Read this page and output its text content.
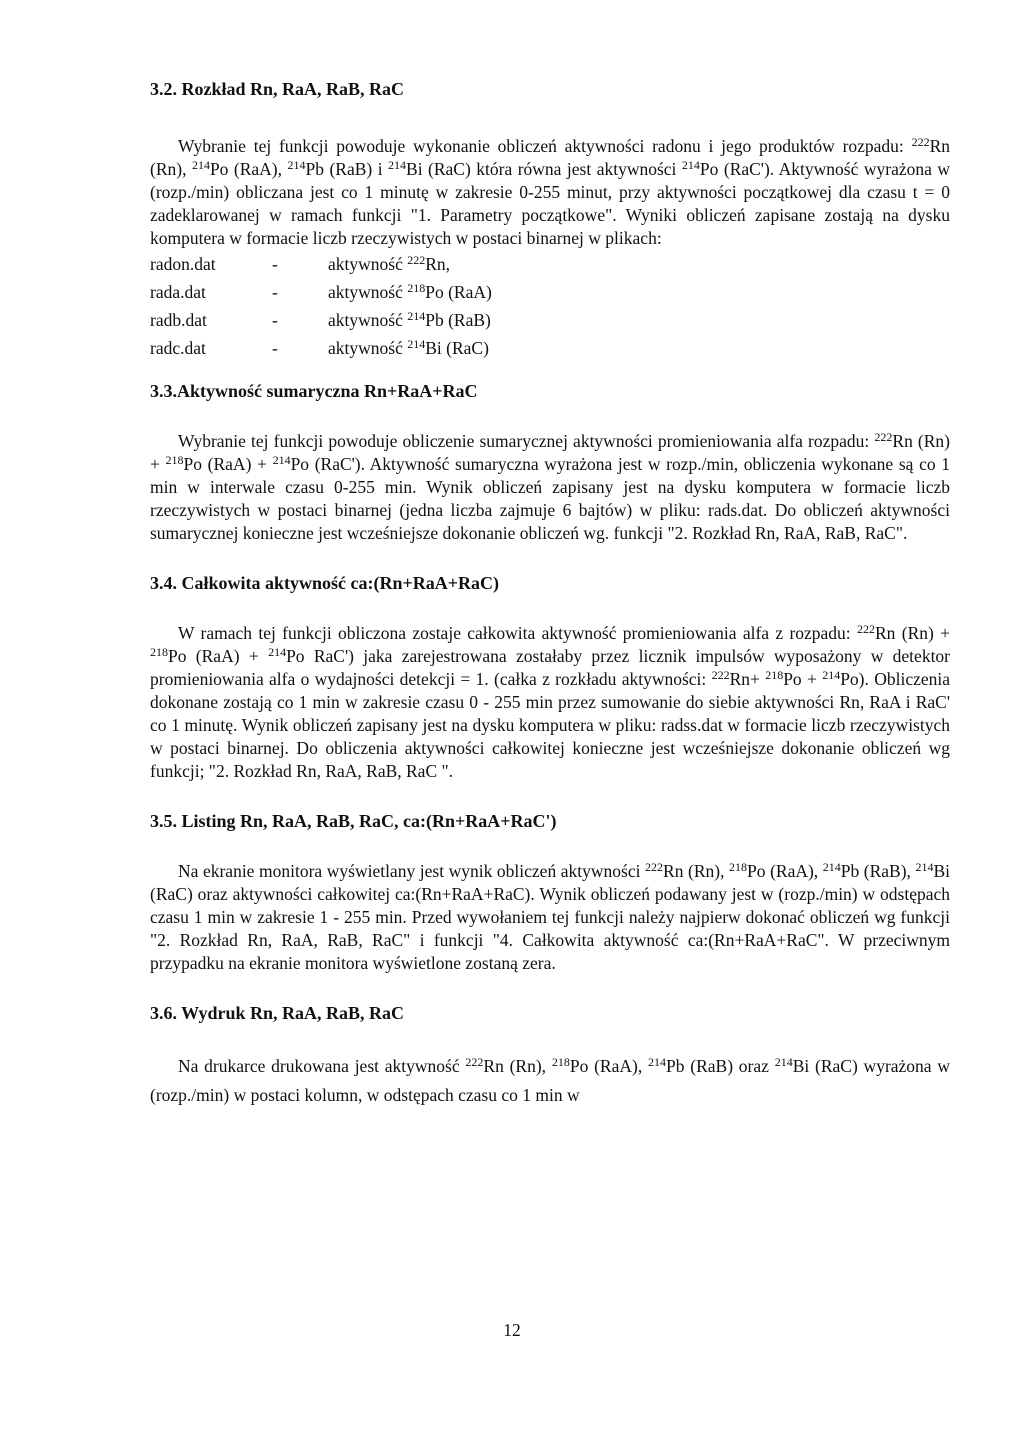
3.2. Rozkład Rn, RaA, RaB, RaC

Wybranie tej funkcji powoduje wykonanie obliczeń aktywności radonu i jego produktów rozpadu: $^{222}$Rn (Rn), $^{214}$Po (RaA), $^{214}$Pb (RaB) i $^{214}$Bi (RaC) która równa jest aktywności $^{214}$Po (RaC'). Aktywność wyrażona w (rozp./min) obliczana jest co 1 minutę w zakresie 0-255 minut, przy aktywności początkowej dla czasu t = 0 zadeklarowanej w ramach funkcji "1. Parametry początkowe". Wyniki obliczeń zapisane zostają na dysku komputera w formacie liczb rzeczywistych w postaci binarnej w plikach:

radon.dat	-	aktywność $^{222}$Rn,
rada.dat	-	aktywność $^{218}$Po (RaA)
radb.dat	-	aktywność $^{214}$Pb (RaB)
radc.dat	-	aktywność $^{214}$Bi (RaC)
3.3.Aktywność sumaryczna Rn+RaA+RaC

Wybranie tej funkcji powoduje obliczenie sumarycznej aktywności promieniowania alfa rozpadu: $^{222}$Rn (Rn) + $^{218}$Po (RaA) + $^{214}$Po (RaC'). Aktywność sumaryczna wyrażona jest w rozp./min, obliczenia wykonane są co 1 min w interwale czasu 0-255 min. Wynik obliczeń zapisany jest na dysku komputera w formacie liczb rzeczywistych w postaci binarnej (jedna liczba zajmuje 6 bajtów) w pliku: rads.dat. Do obliczeń aktywności sumarycznej konieczne jest wcześniejsze dokonanie obliczeń wg. funkcji "2. Rozkład Rn, RaA, RaB, RaC".

3.4. Całkowita aktywność ca:(Rn+RaA+RaC)

W ramach tej funkcji obliczona zostaje całkowita aktywność promieniowania alfa z rozpadu: $^{222}$Rn (Rn) + $^{218}$Po (RaA) + $^{214}$Po RaC') jaka zarejestrowana zostałaby przez licznik impulsów wyposażony w detektor promieniowania alfa o wydajności detekcji = 1. (całka z rozkładu aktywności: $^{222}$Rn+ $^{218}$Po + $^{214}$Po). Obliczenia dokonane zostają co 1 min w zakresie czasu 0 - 255 min przez sumowanie do siebie aktywności Rn, RaA i RaC' co 1 minutę. Wynik obliczeń zapisany jest na dysku komputera w pliku: radss.dat w formacie liczb rzeczywistych w postaci binarnej. Do obliczenia aktywności całkowitej konieczne jest wcześniejsze dokonanie obliczeń wg funkcji; "2. Rozkład Rn, RaA, RaB, RaC ".

3.5. Listing Rn, RaA, RaB, RaC, ca:(Rn+RaA+RaC')

Na ekranie monitora wyświetlany jest wynik obliczeń aktywności $^{222}$Rn (Rn), $^{218}$Po (RaA), $^{214}$Pb (RaB), $^{214}$Bi (RaC) oraz aktywności całkowitej ca:(Rn+RaA+RaC). Wynik obliczeń podawany jest w (rozp./min) w odstępach czasu 1 min w zakresie 1 - 255 min. Przed wywołaniem tej funkcji należy najpierw dokonać obliczeń wg funkcji "2. Rozkład Rn, RaA, RaB, RaC" i funkcji "4. Całkowita aktywność ca:(Rn+RaA+RaC". W przeciwnym przypadku na ekranie monitora wyświetlone zostaną zera.

3.6. Wydruk Rn, RaA, RaB, RaC

Na drukarce drukowana jest aktywność $^{222}$Rn (Rn), $^{218}$Po (RaA), $^{214}$Pb (RaB) oraz $^{214}$Bi (RaC) wyrażona w (rozp./min) w postaci kolumn, w odstępach czasu co 1 min w

12
